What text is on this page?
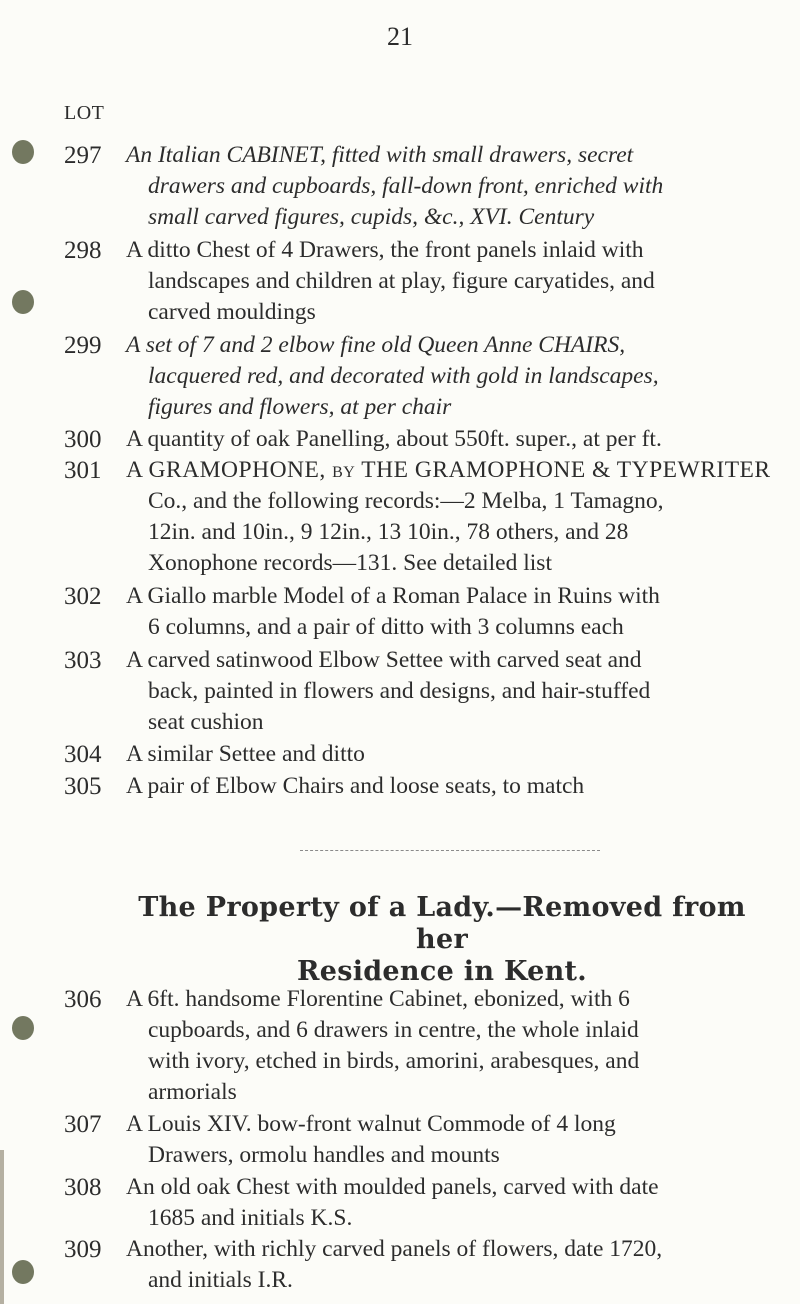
21
LOT
297	An Italian CABINET, fitted with small drawers, secret
drawers and cupboards, fall-down front, enriched with
small carved figures, cupids, &c., XVI. Century
298	A ditto Chest of 4 Drawers, the front panels inlaid with
landscapes and children at play, figure caryatides, and
carved mouldings
299	A set of 7 and 2 elbow fine old Queen Anne CHAIRS,
lacquered red, and decorated with gold in landscapes,
figures and flowers, at per chair
300	A quantity of oak Panelling, about 550ft. super., at per ft.
301	A GRAMOPHONE, by THE GRAMOPHONE & TYPEWRITER
Co., and the following records:—2 Melba, 1 Tamagno,
12in. and 10in., 9 12in., 13 10in., 78 others, and 28
Xonophone records—131. See detailed list
302	A Giallo marble Model of a Roman Palace in Ruins with
6 columns, and a pair of ditto with 3 columns each
303	A carved satinwood Elbow Settee with carved seat and
back, painted in flowers and designs, and hair-stuffed
seat cushion
304	A similar Settee and ditto
305	A pair of Elbow Chairs and loose seats, to match
The Property of a Lady.—Removed from her
Residence in Kent.
306	A 6ft. handsome Florentine Cabinet, ebonized, with 6
cupboards, and 6 drawers in centre, the whole inlaid
with ivory, etched in birds, amorini, arabesques, and
armorials
307	A Louis XIV. bow-front walnut Commode of 4 long
Drawers, ormolu handles and mounts
308	An old oak Chest with moulded panels, carved with date
1685 and initials K.S.
309	Another, with richly carved panels of flowers, date 1720,
and initials I.R.
